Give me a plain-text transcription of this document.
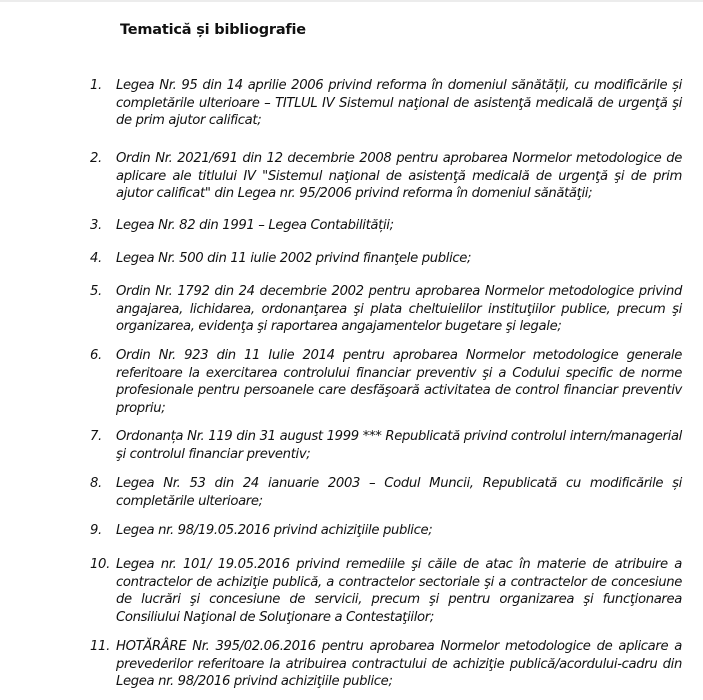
Tematică și bibliografie
1.	Legea Nr. 95 din 14 aprilie 2006 privind reforma în domeniul sănătății, cu modificările și completările ulterioare – TITLUL IV Sistemul naţional de asistenţă medicală de urgenţă şi de prim ajutor calificat;
2.	Ordin Nr. 2021/691 din 12 decembrie 2008 pentru aprobarea Normelor metodologice de aplicare ale titlului IV "Sistemul naţional de asistenţă medicală de urgenţă şi de prim ajutor calificat" din Legea nr. 95/2006 privind reforma în domeniul sănătăţii;
3.	Legea Nr. 82 din 1991 – Legea Contabilității;
4.	Legea Nr. 500 din 11 iulie 2002 privind finanţele publice;
5.	Ordin Nr. 1792 din 24 decembrie 2002 pentru aprobarea Normelor metodologice privind angajarea, lichidarea, ordonanţarea şi plata cheltuielilor instituţiilor publice, precum şi organizarea, evidenţa şi raportarea angajamentelor bugetare şi legale;
6.	Ordin Nr. 923 din 11 Iulie 2014 pentru aprobarea Normelor metodologice generale referitoare la exercitarea controlului financiar preventiv şi a Codului specific de norme profesionale pentru persoanele care desfăşoară activitatea de control financiar preventiv propriu;
7.	Ordonanța Nr. 119 din 31 august 1999 *** Republicată privind controlul intern/managerial şi controlul financiar preventiv;
8.	Legea Nr. 53 din 24 ianuarie 2003 – Codul Muncii, Republicată cu modificările și completările ulterioare;
9.	Legea nr. 98/19.05.2016 privind achiziţiile publice;
10. Legea nr. 101/ 19.05.2016 privind remediile şi căile de atac în materie de atribuire a contractelor de achiziţie publică, a contractelor sectoriale şi a contractelor de concesiune de lucrări şi concesiune de servicii, precum şi pentru organizarea şi funcţionarea Consiliului Naţional de Soluţionare a Contestaţiilor;
11. HOTĂRÂRE Nr. 395/02.06.2016 pentru aprobarea Normelor metodologice de aplicare a prevederilor referitoare la atribuirea contractului de achiziţie publică/acordului-cadru din Legea nr. 98/2016 privind achiziţiile publice;
